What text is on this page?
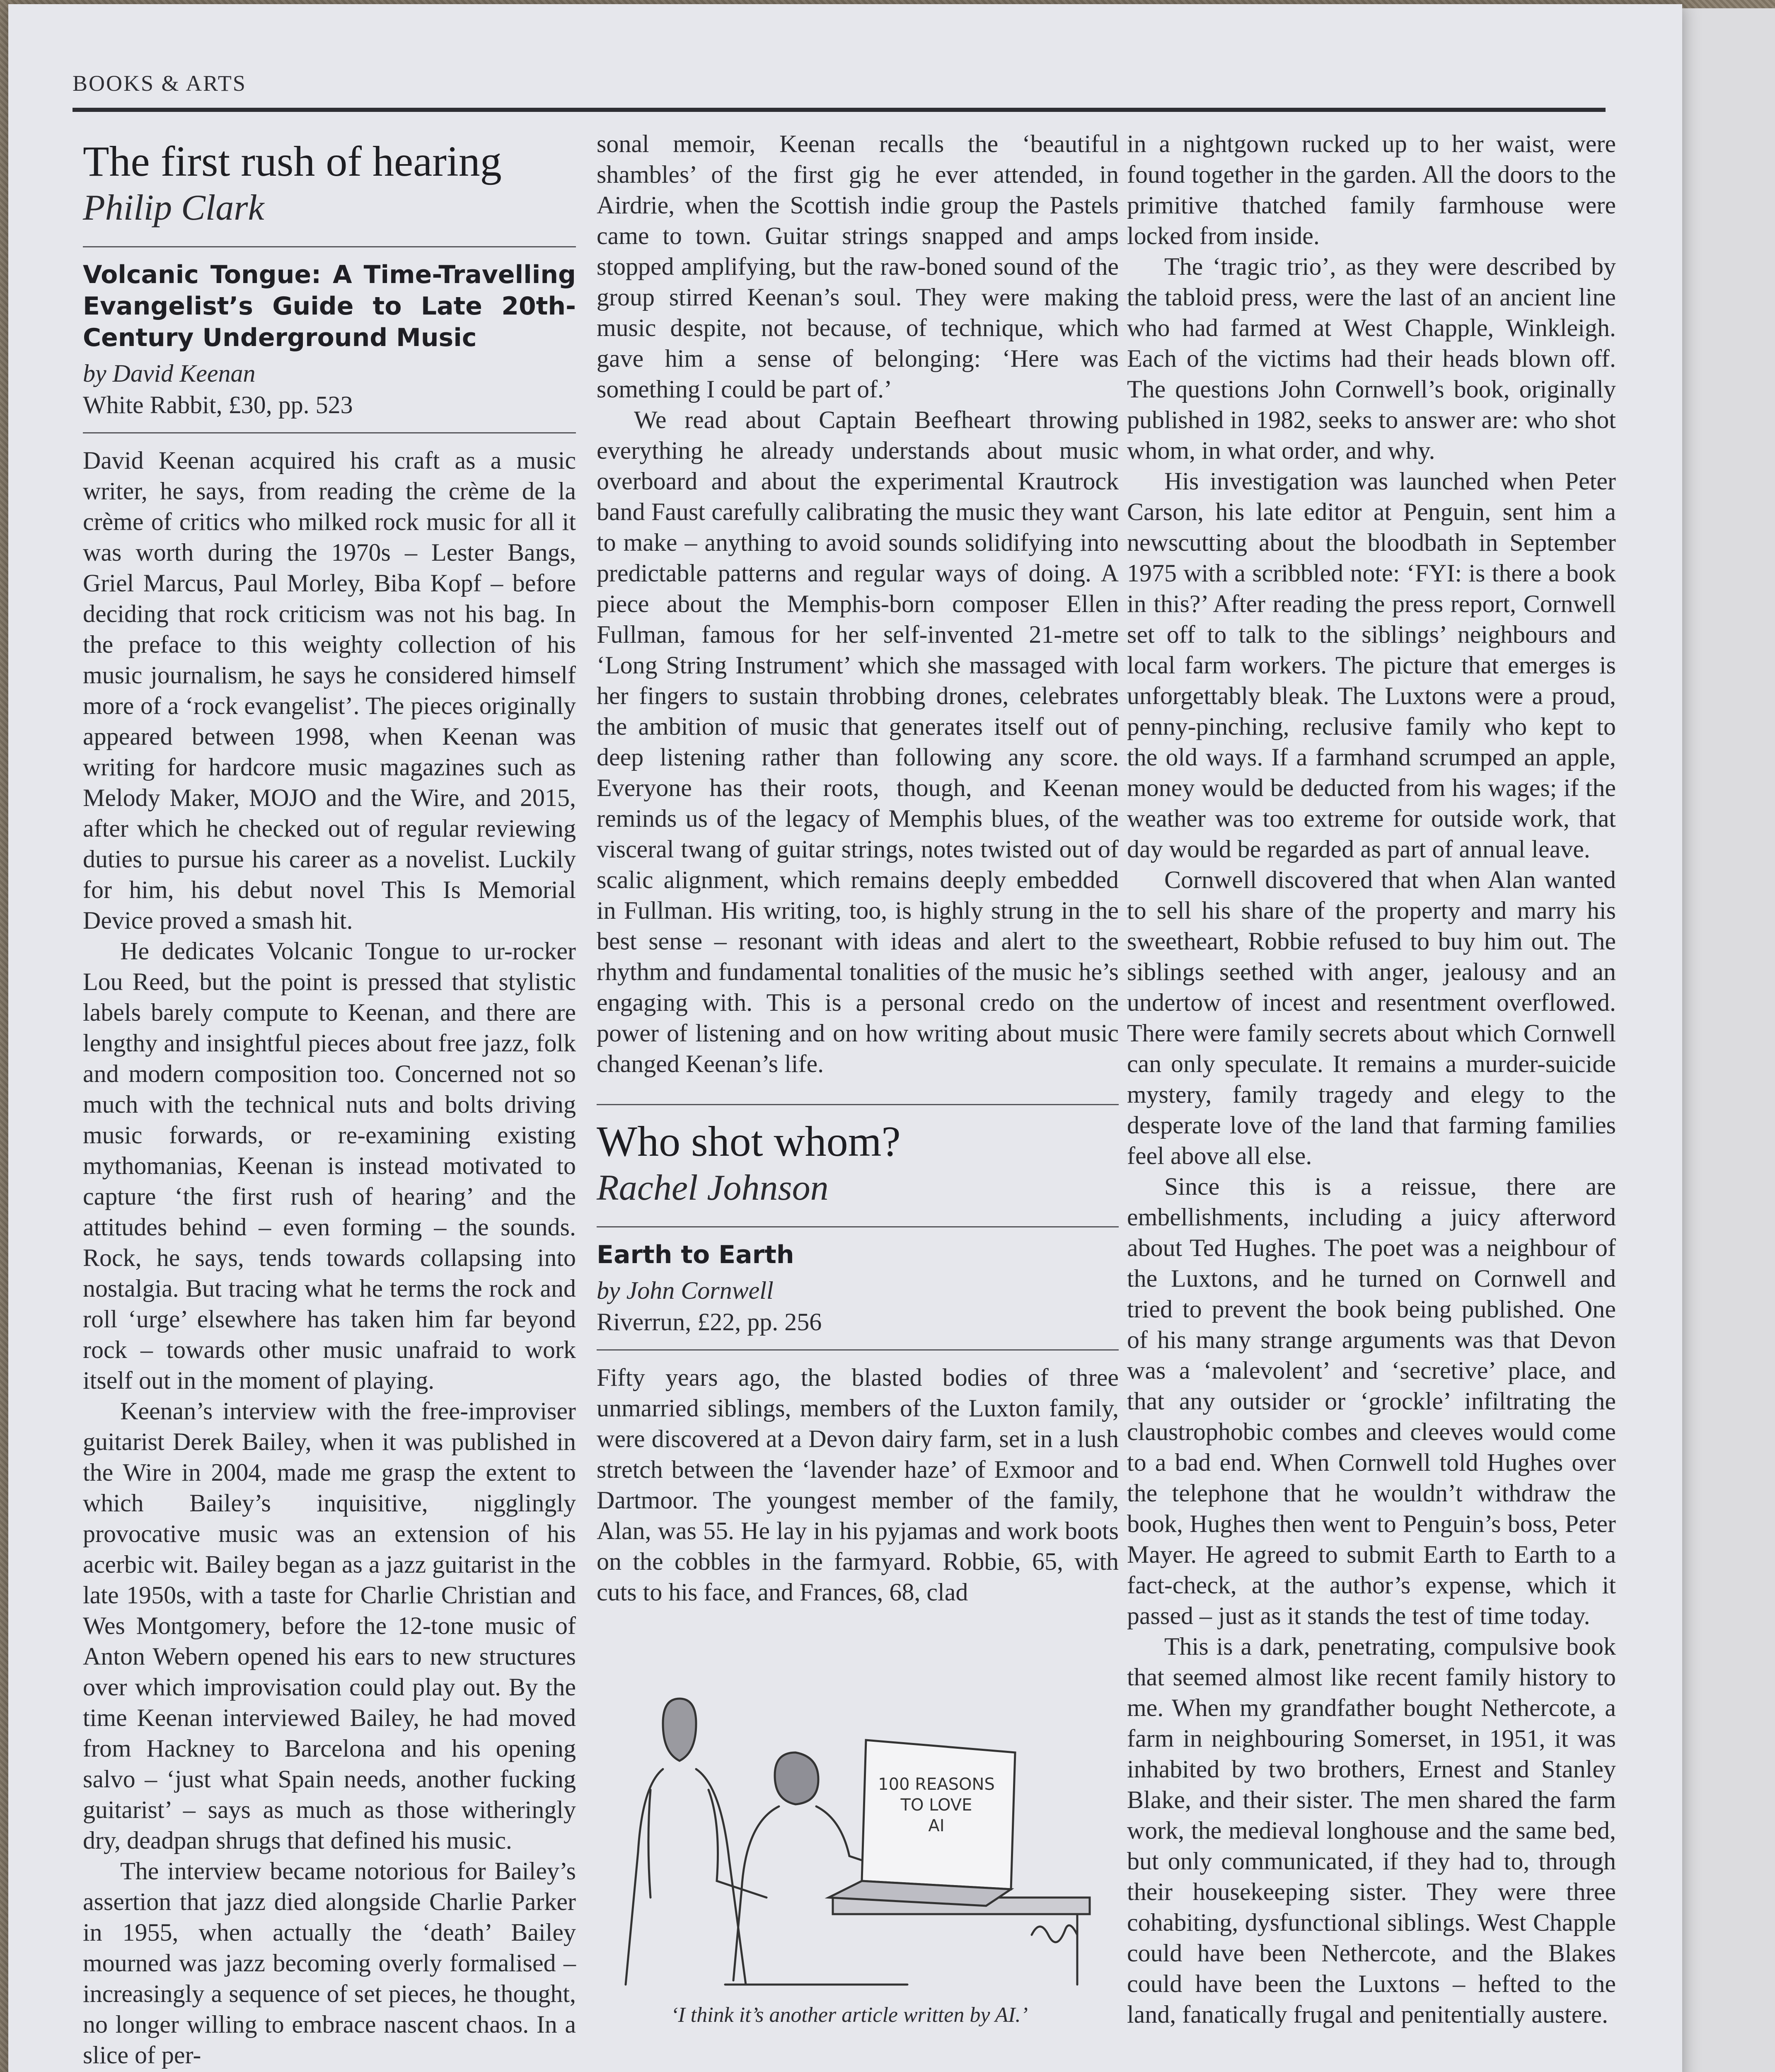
BOOKS & ARTS
The first rush of hearing
Philip Clark
Volcanic Tongue: A Time-Travelling Evangelist’s Guide to Late 20th-Century Underground Music
by David Keenan
White Rabbit, £30, pp. 523

David Keenan acquired his craft as a music writer, he says, from reading the crème de la crème of critics who milked rock music for all it was worth during the 1970s – Lester Bangs, Griel Marcus, Paul Morley, Biba Kopf – before deciding that rock criticism was not his bag. In the preface to this weighty collection of his music journalism, he says he considered himself more of a ‘rock evangelist’. The pieces originally appeared between 1998, when Keenan was writing for hardcore music magazines such as Melody Maker, MOJO and the Wire, and 2015, after which he checked out of regular reviewing duties to pursue his career as a novelist. Luckily for him, his debut novel This Is Memorial Device proved a smash hit.

He dedicates Volcanic Tongue to ur-rocker Lou Reed, but the point is pressed that stylistic labels barely compute to Keenan, and there are lengthy and insightful pieces about free jazz, folk and modern composition too. Concerned not so much with the technical nuts and bolts driving music forwards, or re-examining existing mythomanias, Keenan is instead motivated to capture ‘the first rush of hearing’ and the attitudes behind – even forming – the sounds. Rock, he says, tends towards collapsing into nostalgia. But tracing what he terms the rock and roll ‘urge’ elsewhere has taken him far beyond rock – towards other music unafraid to work itself out in the moment of playing.

Keenan’s interview with the free-improviser guitarist Derek Bailey, when it was published in the Wire in 2004, made me grasp the extent to which Bailey’s inquisitive, nigglingly provocative music was an extension of his acerbic wit. Bailey began as a jazz guitarist in the late 1950s, with a taste for Charlie Christian and Wes Montgomery, before the 12-tone music of Anton Webern opened his ears to new structures over which improvisation could play out. By the time Keenan interviewed Bailey, he had moved from Hackney to Barcelona and his opening salvo – ‘just what Spain needs, another fucking guitarist’ – says as much as those witheringly dry, deadpan shrugs that defined his music.

The interview became notorious for Bailey’s assertion that jazz died alongside Charlie Parker in 1955, when actually the ‘death’ Bailey mourned was jazz becoming overly formalised – increasingly a sequence of set pieces, he thought, no longer willing to embrace nascent chaos. In a slice of per-

sonal memoir, Keenan recalls the ‘beautiful shambles’ of the first gig he ever attended, in Airdrie, when the Scottish indie group the Pastels came to town. Guitar strings snapped and amps stopped amplifying, but the raw-boned sound of the group stirred Keenan’s soul. They were making music despite, not because, of technique, which gave him a sense of belonging: ‘Here was something I could be part of.’

We read about Captain Beefheart throwing everything he already understands about music overboard and about the experimental Krautrock band Faust carefully calibrating the music they want to make – anything to avoid sounds solidifying into predictable patterns and regular ways of doing. A piece about the Memphis-born composer Ellen Fullman, famous for her self-invented 21-metre ‘Long String Instrument’ which she massaged with her fingers to sustain throbbing drones, celebrates the ambition of music that generates itself out of deep listening rather than following any score. Everyone has their roots, though, and Keenan reminds us of the legacy of Memphis blues, of the visceral twang of guitar strings, notes twisted out of scalic alignment, which remains deeply embedded in Fullman. His writing, too, is highly strung in the best sense – resonant with ideas and alert to the rhythm and fundamental tonalities of the music he’s engaging with. This is a personal credo on the power of listening and on how writing about music changed Keenan’s life.

Who shot whom?
Rachel Johnson
Earth to Earth
by John Cornwell
Riverrun, £22, pp. 256

Fifty years ago, the blasted bodies of three unmarried siblings, members of the Luxton family, were discovered at a Devon dairy farm, set in a lush stretch between the ‘lavender haze’ of Exmoor and Dartmoor. The youngest member of the family, Alan, was 55. He lay in his pyjamas and work boots on the cobbles in the farmyard. Robbie, 65, with cuts to his face, and Frances, 68, clad

100 REASONS
TO LOVE
AI
‘I think it’s another article written by AI.’

in a nightgown rucked up to her waist, were found together in the garden. All the doors to the primitive thatched family farmhouse were locked from inside.

The ‘tragic trio’, as they were described by the tabloid press, were the last of an ancient line who had farmed at West Chapple, Winkleigh. Each of the victims had their heads blown off. The questions John Cornwell’s book, originally published in 1982, seeks to answer are: who shot whom, in what order, and why.

His investigation was launched when Peter Carson, his late editor at Penguin, sent him a newscutting about the bloodbath in September 1975 with a scribbled note: ‘FYI: is there a book in this?’ After reading the press report, Cornwell set off to talk to the siblings’ neighbours and local farm workers. The picture that emerges is unforgettably bleak. The Luxtons were a proud, penny-pinching, reclusive family who kept to the old ways. If a farmhand scrumped an apple, money would be deducted from his wages; if the weather was too extreme for outside work, that day would be regarded as part of annual leave.

Cornwell discovered that when Alan wanted to sell his share of the property and marry his sweetheart, Robbie refused to buy him out. The siblings seethed with anger, jealousy and an undertow of incest and resentment overflowed. There were family secrets about which Cornwell can only speculate. It remains a murder-suicide mystery, family tragedy and elegy to the desperate love of the land that farming families feel above all else.

Since this is a reissue, there are embellishments, including a juicy afterword about Ted Hughes. The poet was a neighbour of the Luxtons, and he turned on Cornwell and tried to prevent the book being published. One of his many strange arguments was that Devon was a ‘malevolent’ and ‘secretive’ place, and that any outsider or ‘grockle’ infiltrating the claustrophobic combes and cleeves would come to a bad end. When Cornwell told Hughes over the telephone that he wouldn’t withdraw the book, Hughes then went to Penguin’s boss, Peter Mayer. He agreed to submit Earth to Earth to a fact-check, at the author’s expense, which it passed – just as it stands the test of time today.

This is a dark, penetrating, compulsive book that seemed almost like recent family history to me. When my grandfather bought Nethercote, a farm in neighbouring Somerset, in 1951, it was inhabited by two brothers, Ernest and Stanley Blake, and their sister. The men shared the farm work, the medieval longhouse and the same bed, but only communicated, if they had to, through their housekeeping sister. They were three cohabiting, dysfunctional siblings. West Chapple could have been Nethercote, and the Blakes could have been the Luxtons – hefted to the land, fanatically frugal and penitentially austere.
